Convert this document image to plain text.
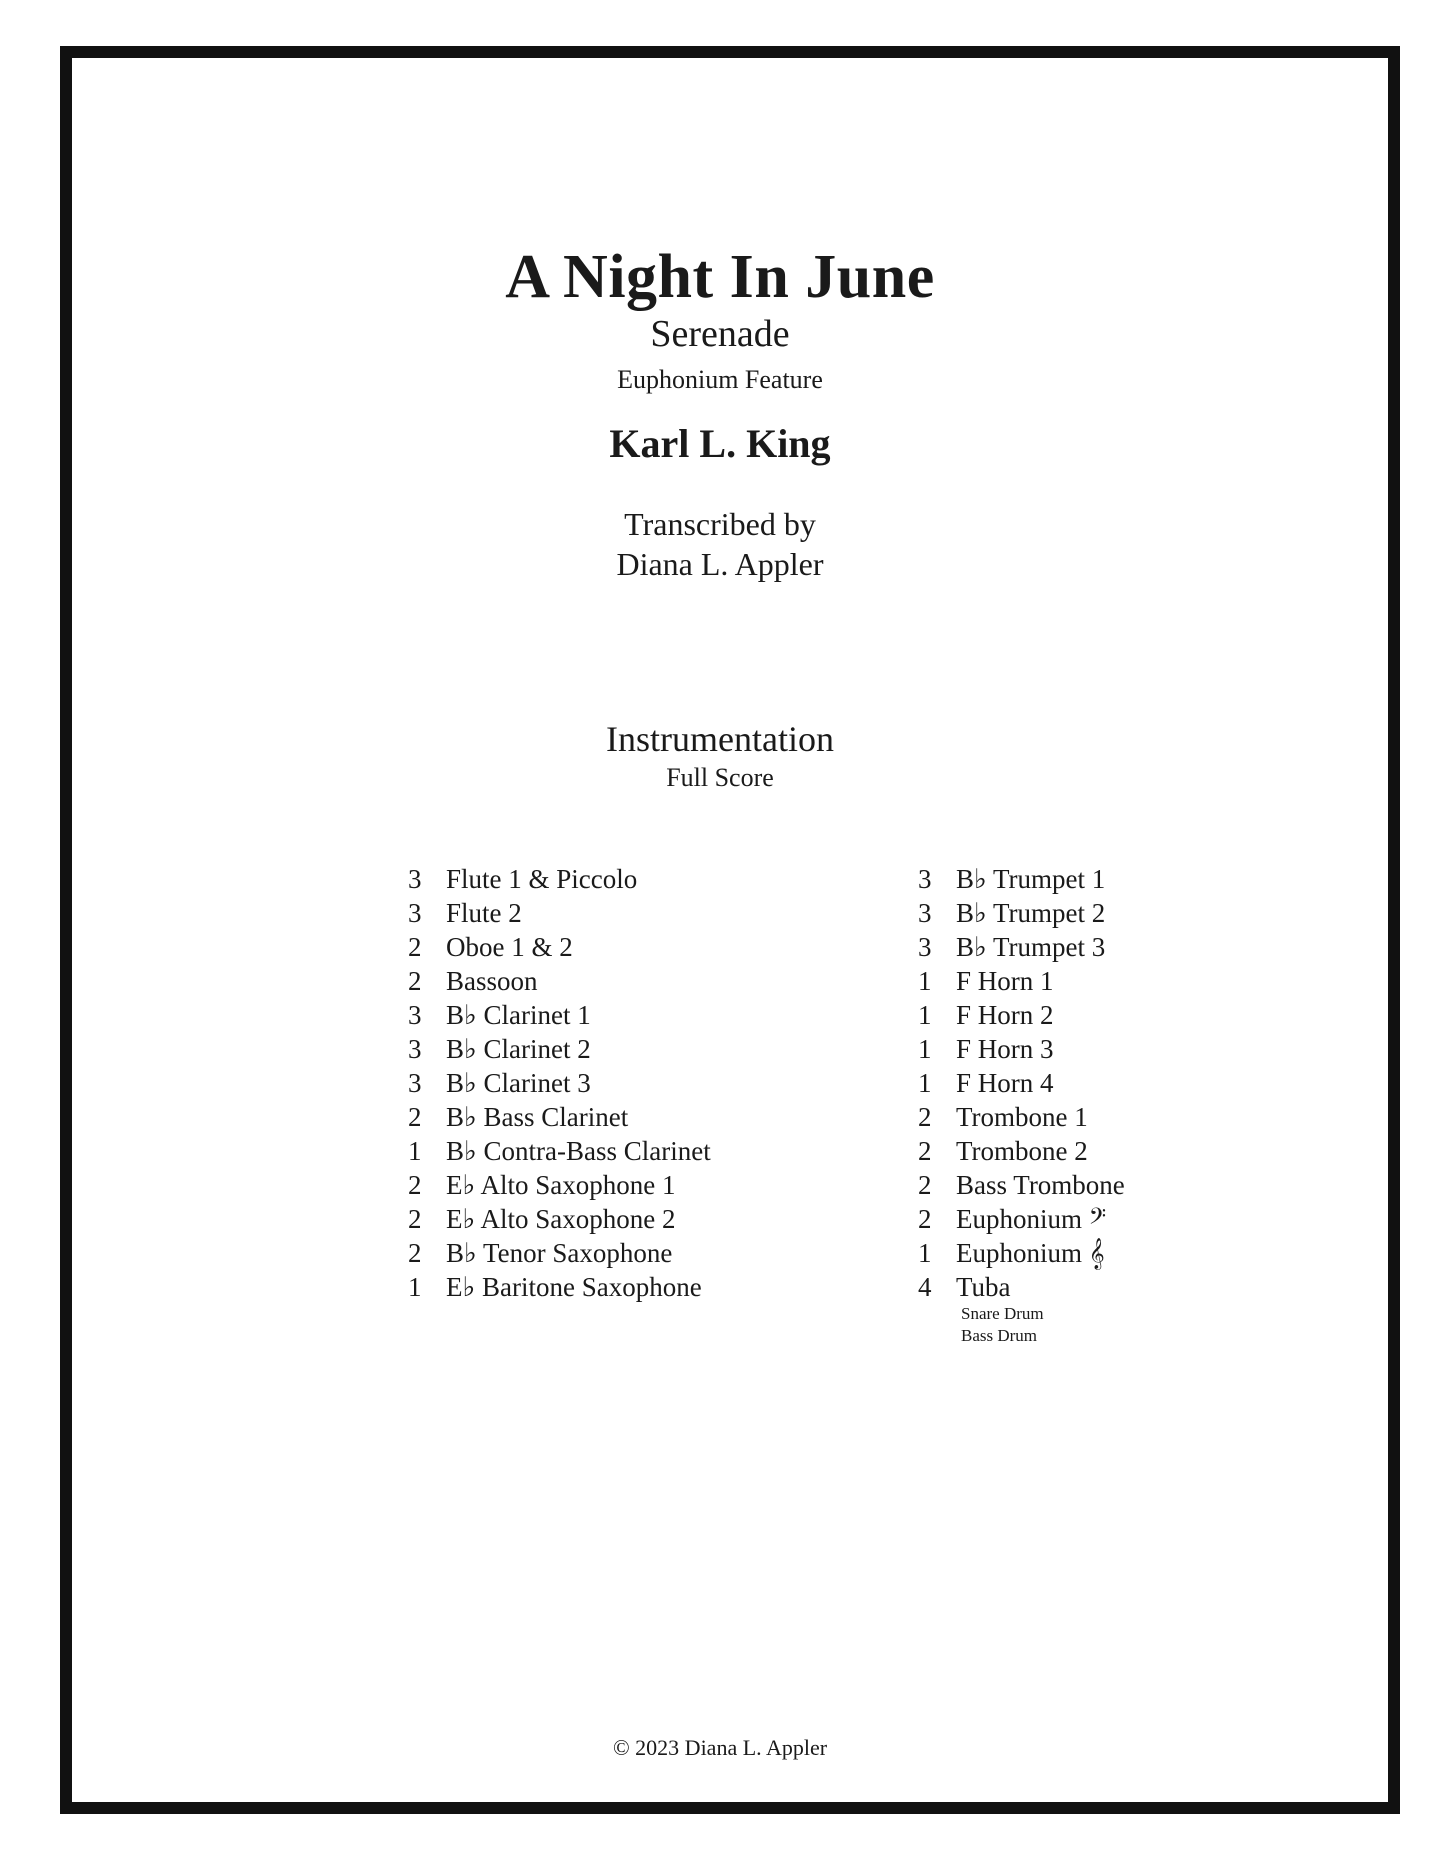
A Night In June
Serenade
Euphonium Feature
Karl L. King
Transcribed by
Diana L. Appler
Instrumentation
Full Score
3 Flute 1 & Piccolo
3 Flute 2
2 Oboe 1 & 2
2 Bassoon
3 B♭ Clarinet 1
3 B♭ Clarinet 2
3 B♭ Clarinet 3
2 B♭ Bass Clarinet
1 B♭ Contra-Bass Clarinet
2 E♭ Alto Saxophone 1
2 E♭ Alto Saxophone 2
2 B♭ Tenor Saxophone
1 E♭ Baritone Saxophone
3 B♭ Trumpet 1
3 B♭ Trumpet 2
3 B♭ Trumpet 3
1 F Horn 1
1 F Horn 2
1 F Horn 3
1 F Horn 4
2 Trombone 1
2 Trombone 2
2 Bass Trombone
2 Euphonium 𝄢
1 Euphonium 𝄞
4 Tuba
Snare Drum
Bass Drum
© 2023 Diana L. Appler
